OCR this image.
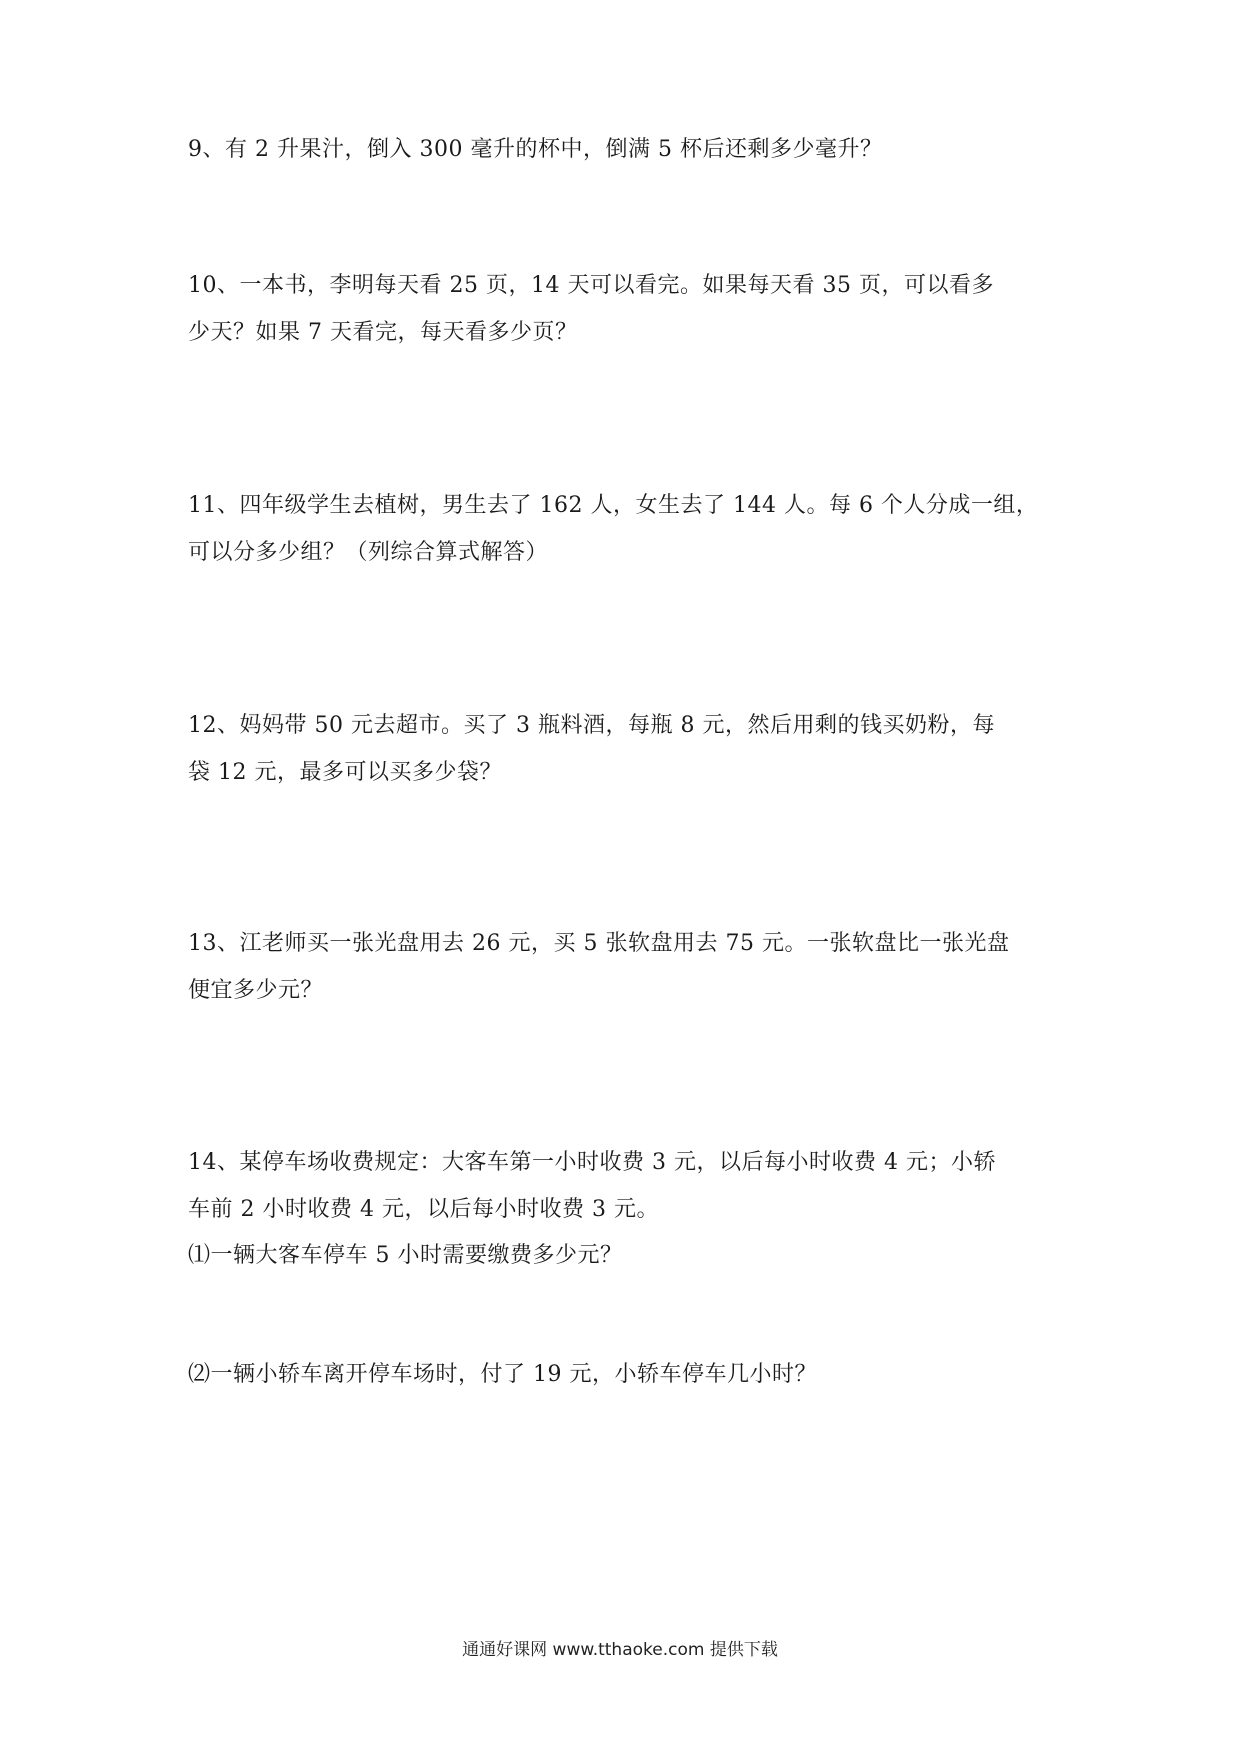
9、有 2 升果汁，倒入 300 毫升的杯中，倒满 5 杯后还剩多少毫升？
10、一本书，李明每天看 25 页，14 天可以看完。如果每天看 35 页，可以看多
少天？如果 7 天看完，每天看多少页？
11、四年级学生去植树，男生去了 162 人，女生去了 144 人。每 6 个人分成一组，
可以分多少组？（列综合算式解答）
12、妈妈带 50 元去超市。买了 3 瓶料酒，每瓶 8 元，然后用剩的钱买奶粉，每
袋 12 元，最多可以买多少袋？
13、江老师买一张光盘用去 26 元，买 5 张软盘用去 75 元。一张软盘比一张光盘
便宜多少元？
14、某停车场收费规定：大客车第一小时收费 3 元，以后每小时收费 4 元；小轿
车前 2 小时收费 4 元，以后每小时收费 3 元。
⑴一辆大客车停车 5 小时需要缴费多少元？
⑵一辆小轿车离开停车场时，付了 19 元，小轿车停车几小时？
通通好课网 www.tthaoke.com 提供下载
